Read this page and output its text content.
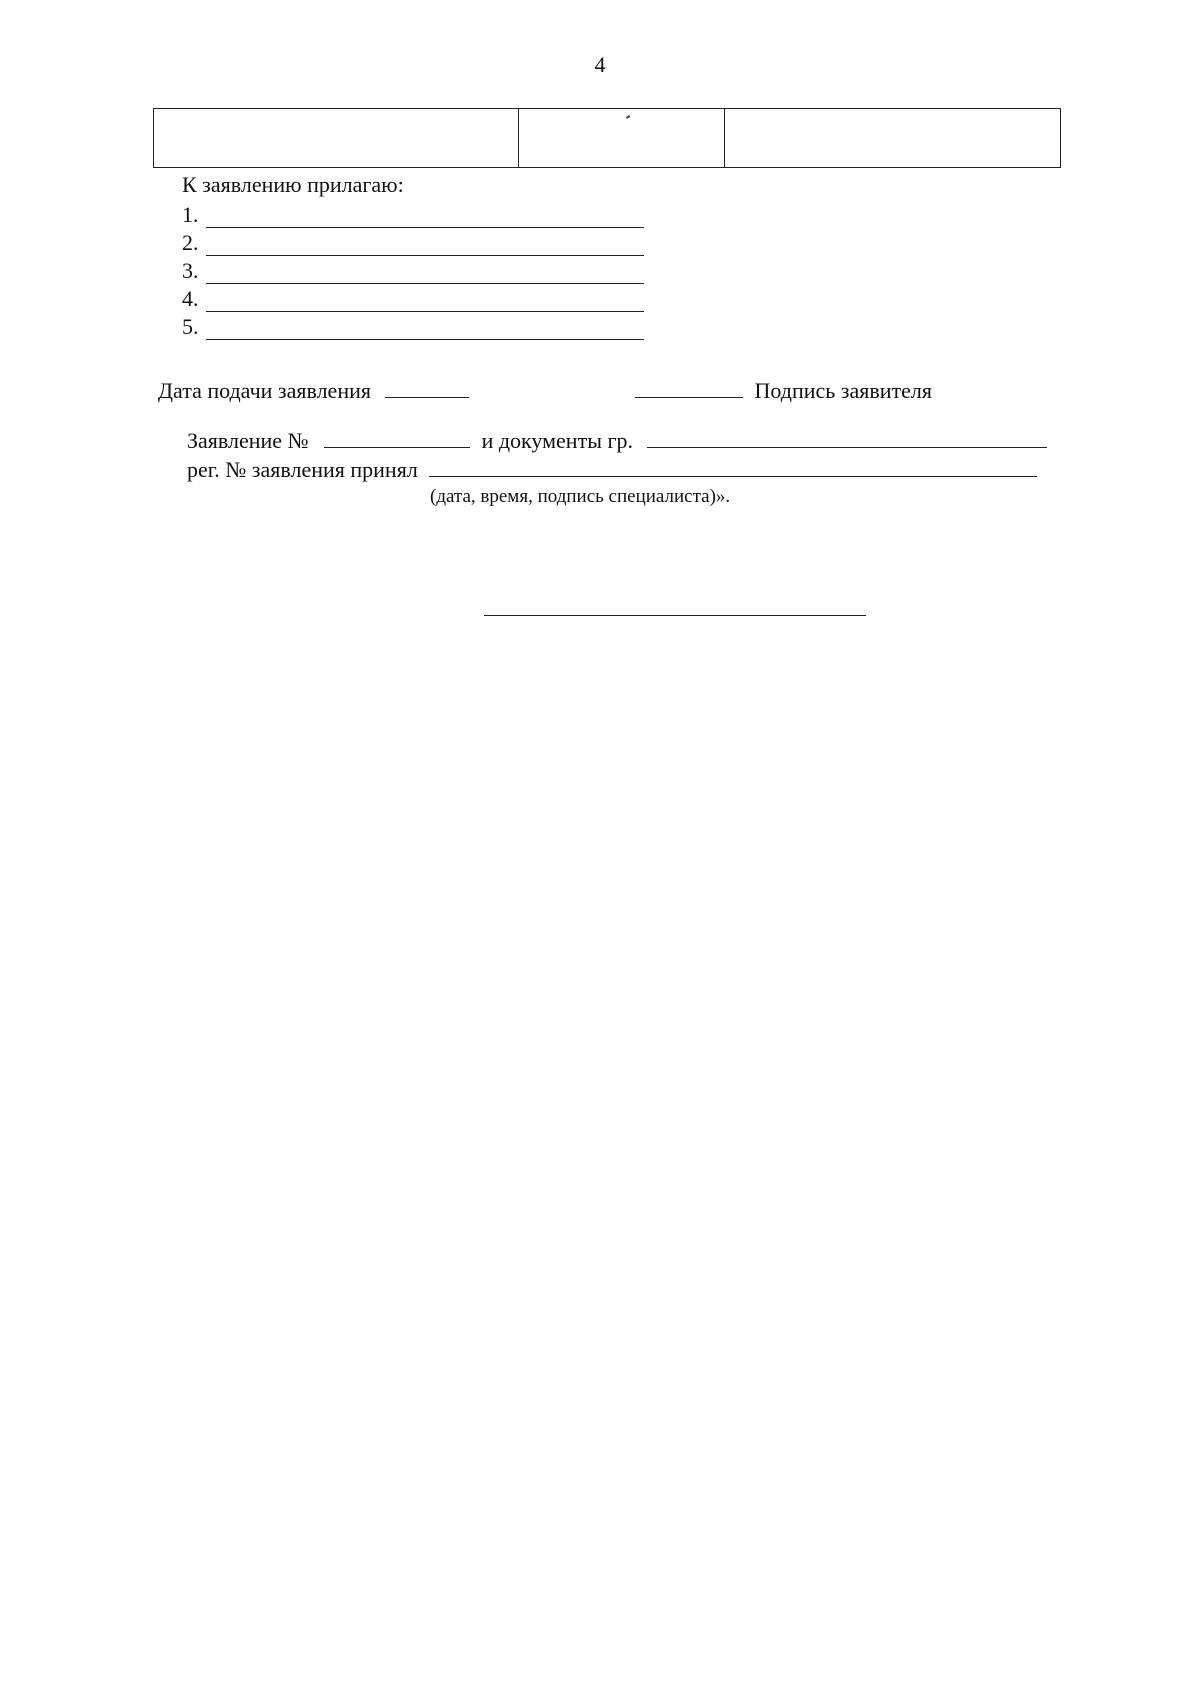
4
К заявлению прилагаю:
1.
2.
3.
4.
5.
Дата подачи заявления	Подпись заявителя
Заявление №	и документы гр.
рег. № заявления принял
(дата, время, подпись специалиста)».
